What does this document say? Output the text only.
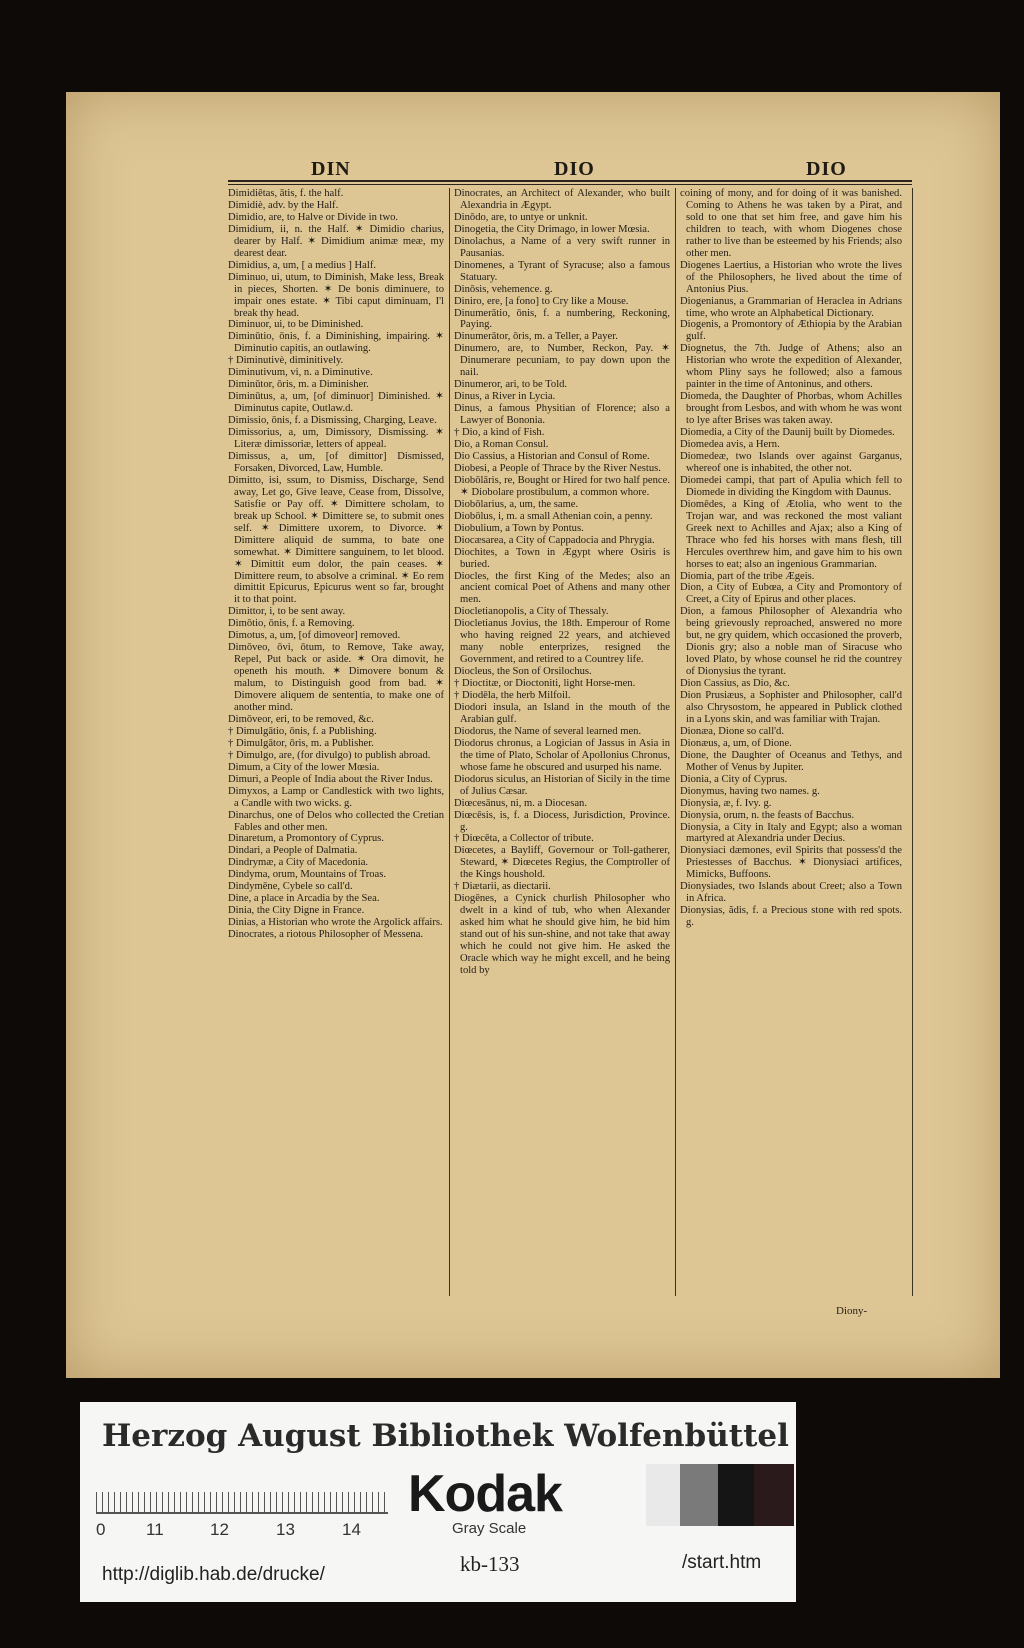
DIN	DIO	DIO

Dimidiētas, ātis, f. the half.

Dimidiè, adv. by the Half.

Dimidio, are, to Halve or Divide in two.

Dimidium, ii, n. the Half. ✶ Dimidio charius, dearer by Half. ✶ Dimidium animæ meæ, my dearest dear.

Dimidius, a, um, [ a medius ] Half.

Diminuo, ui, utum, to Diminish, Make less, Break in pieces, Shorten. ✶ De bonis diminuere, to impair ones estate. ✶ Tibi caput diminuam, I'l break thy head.

Diminuor, ui, to be Diminished.

Diminūtio, ōnis, f. a Diminishing, impairing. ✶ Diminutio capitis, an outlawing.

† Diminutivè, diminitively.

Diminutivum, vi, n. a Diminutive.

Diminūtor, ōris, m. a Diminisher.

Diminūtus, a, um, [of diminuor] Diminished. ✶ Diminutus capite, Outlaw.d.

Dimissio, ōnis, f. a Dismissing, Charging, Leave.

Dimissorius, a, um, Dimissory, Dismissing. ✶ Literæ dimissoriæ, letters of appeal.

Dimissus, a, um, [of dimittor] Dismissed, Forsaken, Divorced, Law, Humble.

Dimitto, isi, ssum, to Dismiss, Discharge, Send away, Let go, Give leave, Cease from, Dissolve, Satisfie or Pay off. ✶ Dimittere scholam, to break up School. ✶ Dimittere se, to submit ones self. ✶ Dimittere uxorem, to Divorce. ✶ Dimittere aliquid de summa, to bate one somewhat. ✶ Dimittere sanguinem, to let blood. ✶ Dimittit eum dolor, the pain ceases. ✶ Dimittere reum, to absolve a criminal. ✶ Eo rem dimittit Epicurus, Epicurus went so far, brought it to that point.

Dimittor, i, to be sent away.

Dimōtio, ōnis, f. a Removing.

Dimotus, a, um, [of dimoveor] removed.

Dimōveo, ōvi, ōtum, to Remove, Take away, Repel, Put back or aside. ✶ Ora dimovit, he openeth his mouth. ✶ Dimovere bonum & malum, to Distinguish good from bad. ✶ Dimovere aliquem de sententia, to make one of another mind.

Dimōveor, eri, to be removed, &c.

† Dimulgātio, ōnis, f. a Publishing.

† Dimulgātor, ōris, m. a Publisher.

† Dimulgo, are, (for divulgo) to publish abroad.

Dimum, a City of the lower Mœsia.

Dimuri, a People of India about the River Indus.

Dimyxos, a Lamp or Candlestick with two lights, a Candle with two wicks. g.

Dinarchus, one of Delos who collected the Cretian Fables and other men.

Dinaretum, a Promontory of Cyprus.

Dindari, a People of Dalmatia.

Dindrymæ, a City of Macedonia.

Dindyma, orum, Mountains of Troas.

Dindymēne, Cybele so call'd.

Dine, a place in Arcadia by the Sea.

Dinia, the City Digne in France.

Dinias, a Historian who wrote the Argolick affairs.

Dinocrates, a riotous Philosopher of Messena.

Dinocrates, an Architect of Alexander, who built Alexandria in Ægypt.

Dinōdo, are, to untye or unknit.

Dinogetia, the City Drimago, in lower Mœsia.

Dinolachus, a Name of a very swift runner in Pausanias.

Dinomenes, a Tyrant of Syracuse; also a famous Statuary.

Dinōsis, vehemence. g.

Diniro, ere, [a fono] to Cry like a Mouse.

Dinumerātio, ōnis, f. a numbering, Reckoning, Paying.

Dinumerātor, ōris, m. a Teller, a Payer.

Dinumero, are, to Number, Reckon, Pay. ✶ Dinumerare pecuniam, to pay down upon the nail.

Dinumeror, ari, to be Told.

Dinus, a River in Lycia.

Dinus, a famous Physitian of Florence; also a Lawyer of Bononia.

† Dio, a kind of Fish.

Dio, a Roman Consul.

Dio Cassius, a Historian and Consul of Rome.

Diobesi, a People of Thrace by the River Nestus.

Diobōlāris, re, Bought or Hired for two half pence. ✶ Diobolare prostibulum, a common whore.

Diobōlarius, a, um, the same.

Diobōlus, i, m. a small Athenian coin, a penny.

Diobulium, a Town by Pontus.

Diocæsarea, a City of Cappadocia and Phrygia.

Diochites, a Town in Ægypt where Osiris is buried.

Diocles, the first King of the Medes; also an ancient comical Poet of Athens and many other men.

Diocletianopolis, a City of Thessaly.

Diocletianus Jovius, the 18th. Emperour of Rome who having reigned 22 years, and atchieved many noble enterprizes, resigned the Government, and retired to a Countrey life.

Diocleus, the Son of Orsilochus.

† Dioctitæ, or Dioctoniti, light Horse-men.

† Diodēla, the herb Milfoil.

Diodori insula, an Island in the mouth of the Arabian gulf.

Diodorus, the Name of several learned men.

Diodorus chronus, a Logician of Jassus in Asia in the time of Plato, Scholar of Apollonius Chronus, whose fame he obscured and usurped his name.

Diodorus siculus, an Historian of Sicily in the time of Julius Cæsar.

Diœcesānus, ni, m. a Diocesan.

Diœcēsis, is, f. a Diocess, Jurisdiction, Province. g.

† Diœcēta, a Collector of tribute.

Diœcetes, a Bayliff, Governour or Toll-gatherer, Steward, ✶ Diœcetes Regius, the Comptroller of the Kings houshold.

† Diætarii, as diectarii.

Diogēnes, a Cynick churlish Philosopher who dwelt in a kind of tub, who when Alexander asked him what he should give him, he bid him stand out of his sun-shine, and not take that away which he could not give him. He asked the Oracle which way he might excell, and he being told by

coining of mony, and for doing of it was banished. Coming to Athens he was taken by a Pirat, and sold to one that set him free, and gave him his children to teach, with whom Diogenes chose rather to live than be esteemed by his Friends; also other men.

Diogenes Laertius, a Historian who wrote the lives of the Philosophers, he lived about the time of Antonius Pius.

Diogenianus, a Grammarian of Heraclea in Adrians time, who wrote an Alphabetical Dictionary.

Diogenis, a Promontory of Æthiopia by the Arabian gulf.

Diognetus, the 7th. Judge of Athens; also an Historian who wrote the expedition of Alexander, whom Pliny says he followed; also a famous painter in the time of Antoninus, and others.

Diomeda, the Daughter of Phorbas, whom Achilles brought from Lesbos, and with whom he was wont to lye after Brises was taken away.

Diomedia, a City of the Daunij built by Diomedes.

Diomedea avis, a Hern.

Diomedeæ, two Islands over against Garganus, whereof one is inhabited, the other not.

Diomedei campi, that part of Apulia which fell to Diomede in dividing the Kingdom with Daunus.

Diomēdes, a King of Ætolia, who went to the Trojan war, and was reckoned the most valiant Greek next to Achilles and Ajax; also a King of Thrace who fed his horses with mans flesh, till Hercules overthrew him, and gave him to his own horses to eat; also an ingenious Grammarian.

Diomia, part of the tribe Ægeis.

Dion, a City of Eubœa, a City and Promontory of Creet, a City of Epirus and other places.

Dion, a famous Philosopher of Alexandria who being grievously reproached, answered no more but, ne gry quidem, which occasioned the proverb, Dionis gry; also a noble man of Siracuse who loved Plato, by whose counsel he rid the countrey of Dionysius the tyrant.

Dion Cassius, as Dio, &c.

Dion Prusiæus, a Sophister and Philosopher, call'd also Chrysostom, he appeared in Publick clothed in a Lyons skin, and was familiar with Trajan.

Dionæa, Dione so call'd.

Dionæus, a, um, of Dione.

Dione, the Daughter of Oceanus and Tethys, and Mother of Venus by Jupiter.

Dionia, a City of Cyprus.

Dionymus, having two names. g.

Dionysia, æ, f. Ivy. g.

Dionysia, orum, n. the feasts of Bacchus.

Dionysia, a City in Italy and Egypt; also a woman martyred at Alexandria under Decius.

Dionysiaci dæmones, evil Spirits that possess'd the Priestesses of Bacchus. ✶ Dionysiaci artifices, Mimicks, Buffoons.

Dionysiades, two Islands about Creet; also a Town in Africa.

Dionysias, ădis, f. a Precious stone with red spots. g.

Diony-
Herzog August Bibliothek Wolfenbüttel
0 11	12	13	14
Kodak
Gray Scale
http://diglib.hab.de/drucke/	kb-133	/start.htm
